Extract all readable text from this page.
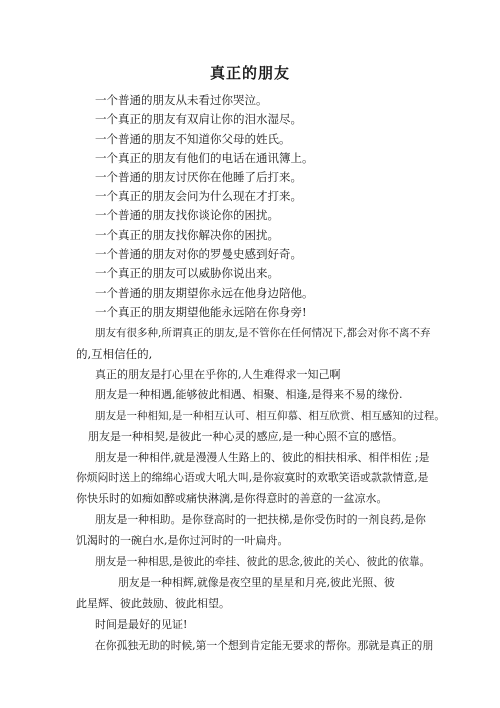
真正的朋友
一个普通的朋友从未看过你哭泣。
一个真正的朋友有双肩让你的泪水湿尽。
一个普通的朋友不知道你父母的姓氏。
一个真正的朋友有他们的电话在通讯簿上。
一个普通的朋友讨厌你在他睡了后打来。
一个真正的朋友会问为什么现在才打来。
一个普通的朋友找你谈论你的困扰。
一个真正的朋友找你解决你的困扰。
一个普通的朋友对你的罗曼史感到好奇。
一个真正的朋友可以威胁你说出来。
一个普通的朋友期望你永远在他身边陪他。
一个真正的朋友期望他能永远陪在你身旁!
朋友有很多种,所谓真正的朋友,是不管你在任何情况下,都会对你不离不弃
的,互相信任的,
真正的朋友是打心里在乎你的,人生难得求一知己啊
朋友是一种相遇,能够彼此相遇、相聚、相逢,是得来不易的缘份.
朋友是一种相知,是一种相互认可、相互仰慕、相互欣赏、相互感知的过程。
朋友是一种相契,是彼此一种心灵的感应,是一种心照不宣的感悟。
朋友是一种相伴,就是漫漫人生路上的、彼此的相扶相承、相伴相佐 ;是
你烦闷时送上的绵绵心语或大吼大叫,是你寂寞时的欢歌笑语或款款情意,是
你快乐时的如痴如醉或痛快淋漓,是你得意时的善意的一盆凉水。
朋友是一种相助。是你登高时的一把扶梯,是你受伤时的一剂良药,是你
饥渴时的一碗白水,是你过河时的一叶扁舟。
朋友是一种相思,是彼此的牵挂、彼此的思念,彼此的关心、彼此的依靠。
朋友是一种相辉,就像是夜空里的星星和月亮,彼此光照、彼
此星辉、彼此鼓励、彼此相望。
时间是最好的见证!
在你孤独无助的时候,第一个想到肯定能无要求的帮你。那就是真正的朋
